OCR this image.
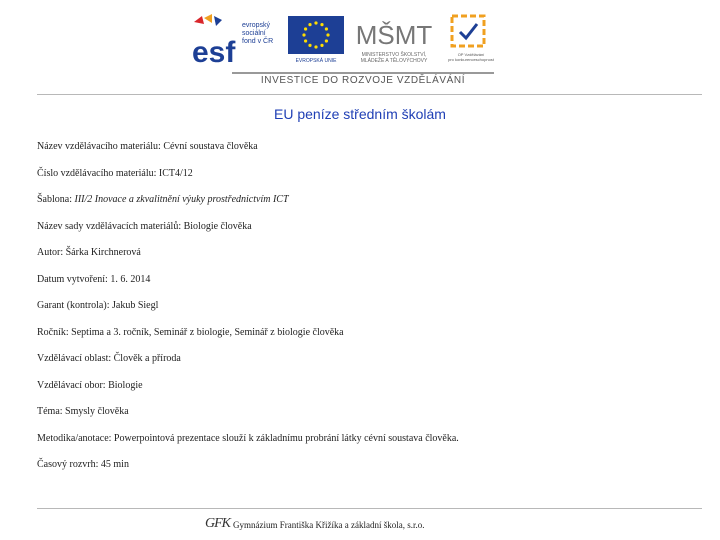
esf
evropský
sociální
fond v ČR
EVROPSKÁ UNIE
MŠMT
MINISTERSTVO ŠKOLSTVÍ,
MLÁDEŽE A TĚLOVÝCHOVY
OP Vzdělávání
pro konkurenceschopnost
INVESTICE DO ROZVOJE VZDĚLÁVÁNÍ
EU peníze středním školám
Název vzdělávacího materiálu: Cévní soustava člověka
Číslo vzdělávacího materiálu: ICT4/12
Šablona: III/2 Inovace a zkvalitnění výuky prostřednictvím ICT
Název sady vzdělávacích materiálů: Biologie člověka
Autor: Šárka Kirchnerová
Datum vytvoření: 1. 6. 2014
Garant (kontrola): Jakub Siegl
Ročník: Septima a 3. ročník, Seminář z biologie, Seminář z biologie člověka
Vzdělávací oblast: Člověk a příroda
Vzdělávací obor: Biologie
Téma: Smysly člověka
Metodika/anotace: Powerpointová prezentace slouží k základnímu probrání látky cévní soustava člověka.
Časový rozvrh: 45 min
GFK Gymnázium Františka Křižíka a základní škola, s.r.o.
